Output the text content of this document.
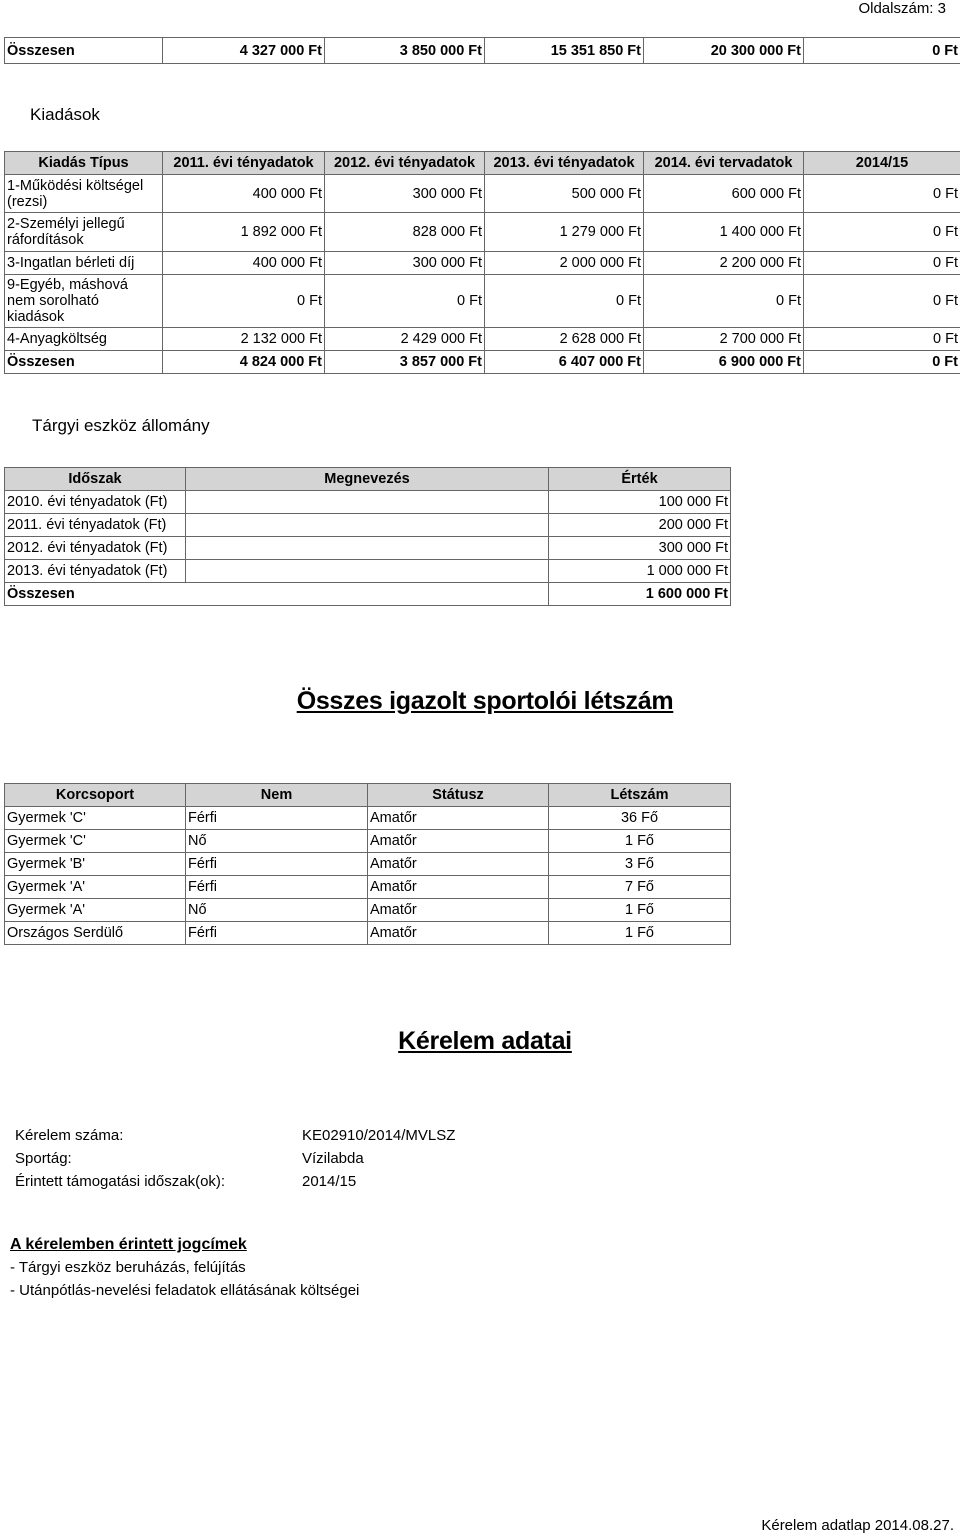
Oldalszám: 3
Összesen	4 327 000 Ft	3 850 000 Ft	15 351 850 Ft	20 300 000 Ft	0 Ft
Kiadások
Kiadás Típus	2011. évi tényadatok	2012. évi tényadatok	2013. évi tényadatok	2014. évi tervadatok	2014/15
1-Működési költségel (rezsi)	400 000 Ft	300 000 Ft	500 000 Ft	600 000 Ft	0 Ft
2-Személyi jellegű ráfordítások	1 892 000 Ft	828 000 Ft	1 279 000 Ft	1 400 000 Ft	0 Ft
3-Ingatlan bérleti díj	400 000 Ft	300 000 Ft	2 000 000 Ft	2 200 000 Ft	0 Ft
9-Egyéb, máshová nem sorolható kiadások	0 Ft	0 Ft	0 Ft	0 Ft	0 Ft
4-Anyagköltség	2 132 000 Ft	2 429 000 Ft	2 628 000 Ft	2 700 000 Ft	0 Ft
Összesen	4 824 000 Ft	3 857 000 Ft	6 407 000 Ft	6 900 000 Ft	0 Ft
Tárgyi eszköz állomány
Időszak	Megnevezés	Érték
2010. évi tényadatok (Ft)		100 000 Ft
2011. évi tényadatok (Ft)		200 000 Ft
2012. évi tényadatok (Ft)		300 000 Ft
2013. évi tényadatok (Ft)		1 000 000 Ft
Összesen		1 600 000 Ft
Összes igazolt sportolói létszám
Korcsoport	Nem	Státusz	Létszám
Gyermek 'C'	Férfi	Amatőr	36 Fő
Gyermek 'C'	Nő	Amatőr	1 Fő
Gyermek 'B'	Férfi	Amatőr	3 Fő
Gyermek 'A'	Férfi	Amatőr	7 Fő
Gyermek 'A'	Nő	Amatőr	1 Fő
Országos Serdülő	Férfi	Amatőr	1 Fő
Kérelem adatai
Kérelem száma:	KE02910/2014/MVLSZ
Sportág:	Vízilabda
Érintett támogatási időszak(ok):	2014/15
A kérelemben érintett jogcímek
- Tárgyi eszköz beruházás, felújítás
- Utánpótlás-nevelési feladatok ellátásának költségei
Kérelem adatlap 2014.08.27.
